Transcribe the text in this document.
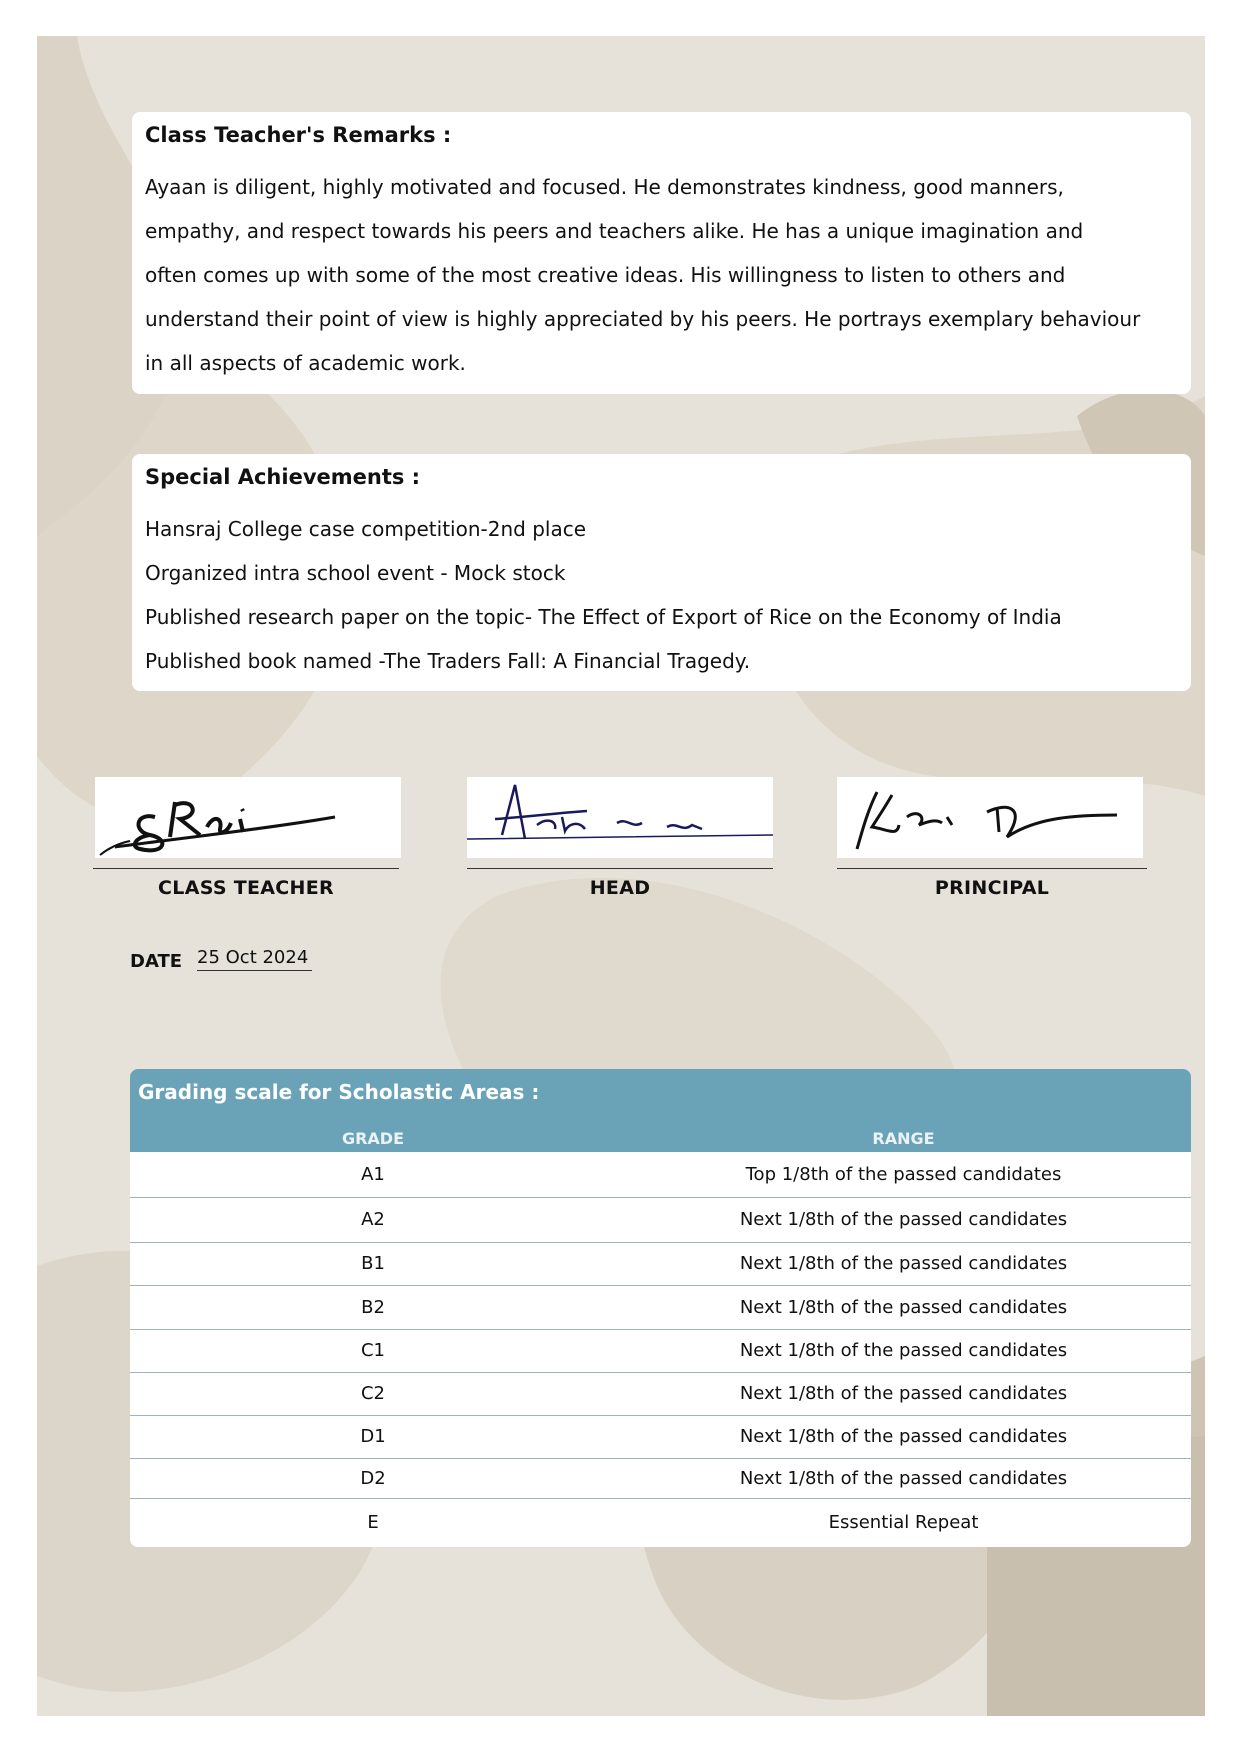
Class Teacher's Remarks :
Ayaan is diligent, highly motivated and focused. He demonstrates kindness, good manners,
empathy, and respect towards his peers and teachers alike. He has a unique imagination and
often comes up with some of the most creative ideas. His willingness to listen to others and
understand their point of view is highly appreciated by his peers. He portrays exemplary behaviour
in all aspects of academic work.
Special Achievements :
Hansraj College case competition-2nd place
Organized intra school event - Mock stock
Published research paper on the topic- The Effect of Export of Rice on the Economy of India
Published book named -The Traders Fall: A Financial Tragedy.
CLASS TEACHER	HEAD	PRINCIPAL
DATE 25 Oct 2024
Grading scale for Scholastic Areas :
GRADE	RANGE
A1	Top 1/8th of the passed candidates
A2	Next 1/8th of the passed candidates
B1	Next 1/8th of the passed candidates
B2	Next 1/8th of the passed candidates
C1	Next 1/8th of the passed candidates
C2	Next 1/8th of the passed candidates
D1	Next 1/8th of the passed candidates
D2	Next 1/8th of the passed candidates
E	Essential Repeat
